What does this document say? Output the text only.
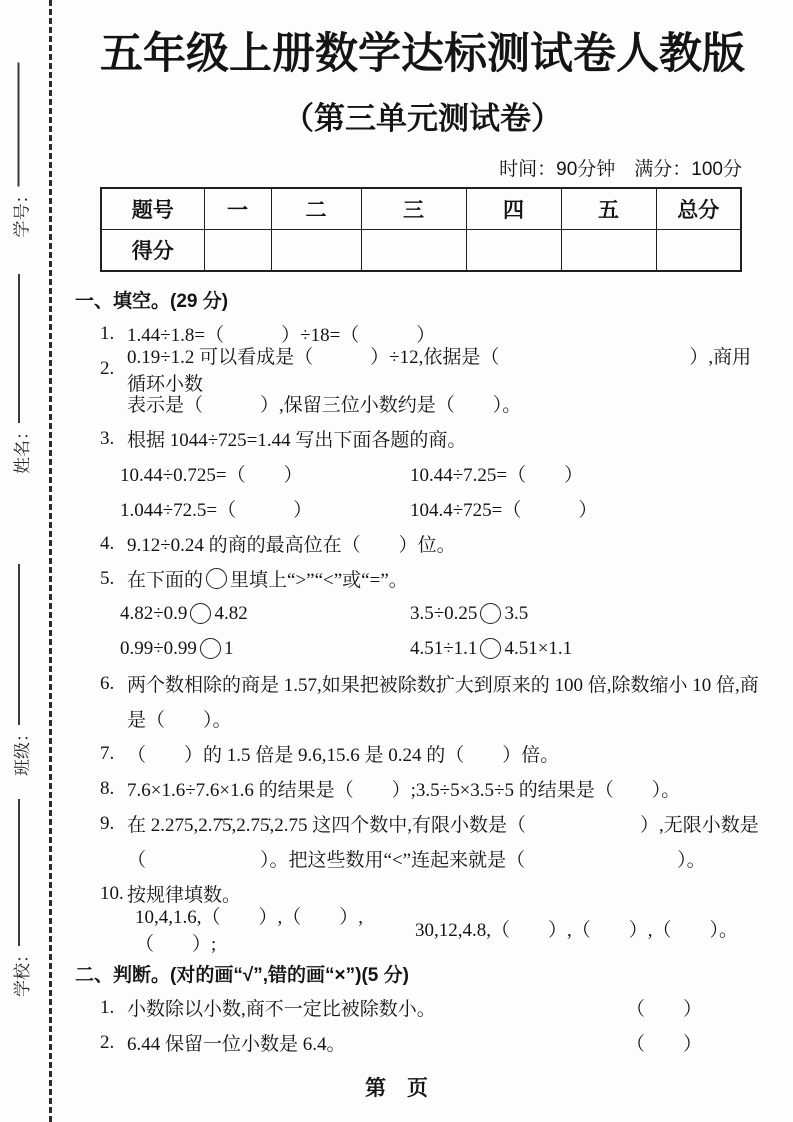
学号：
姓名：
班级：
学校：
五年级上册数学达标测试卷人教版
（第三单元测试卷）
时间：90分钟　满分：100分
题号	一	二	三	四	五	总分
得分						
一、填空。(29 分)
1. 1.44÷1.8=（　　　）÷18=（　　　）
2.
0.19÷1.2 可以看成是（　　　）÷12,依据是（　　　　　　　　　　）,商用循环小数
表示是（　　　）,保留三位小数约是（　　）。
3. 根据 1044÷725=1.44 写出下面各题的商。
10.44÷0.725=（　　）	10.44÷7.25=（　　）
1.044÷72.5=（　　　）	104.4÷725=（　　　）
4. 9.12÷0.24 的商的最高位在（　　）位。
5. 在下面的 里填上“>”“<”或“=”。
4.82÷0.9 4.82	3.5÷0.25 3.5
0.99÷0.99 1	4.51÷1.1 4.51×1.1
6. 两个数相除的商是 1.57,如果把被除数扩大到原来的 100 倍,除数缩小 10 倍,商
是（　　）。
7. （　　）的 1.5 倍是 9.6,15.6 是 0.24 的（　　）倍。
8. 7.6×1.6÷7.6×1.6 的结果是（　　）;3.5÷5×3.5÷5 的结果是（　　）。
9. 在 2.275,2.7̇5̇,2.75̇,2.75 这四个数中,有限小数是（　　　　　　）,无限小数是
（　　　　　　）。把这些数用“<”连起来就是（　　　　　　　　）。
10. 按规律填数。
10,4,1.6,（　　）,（　　）,（　　）;
30,12,4.8,（　　）,（　　）,（　　）。
二、判断。(对的画“√”,错的画“×”)(5 分)
1. 小数除以小数,商不一定比被除数小。	（　　）
2. 6.44 保留一位小数是 6.4。	（　　）
第　页
